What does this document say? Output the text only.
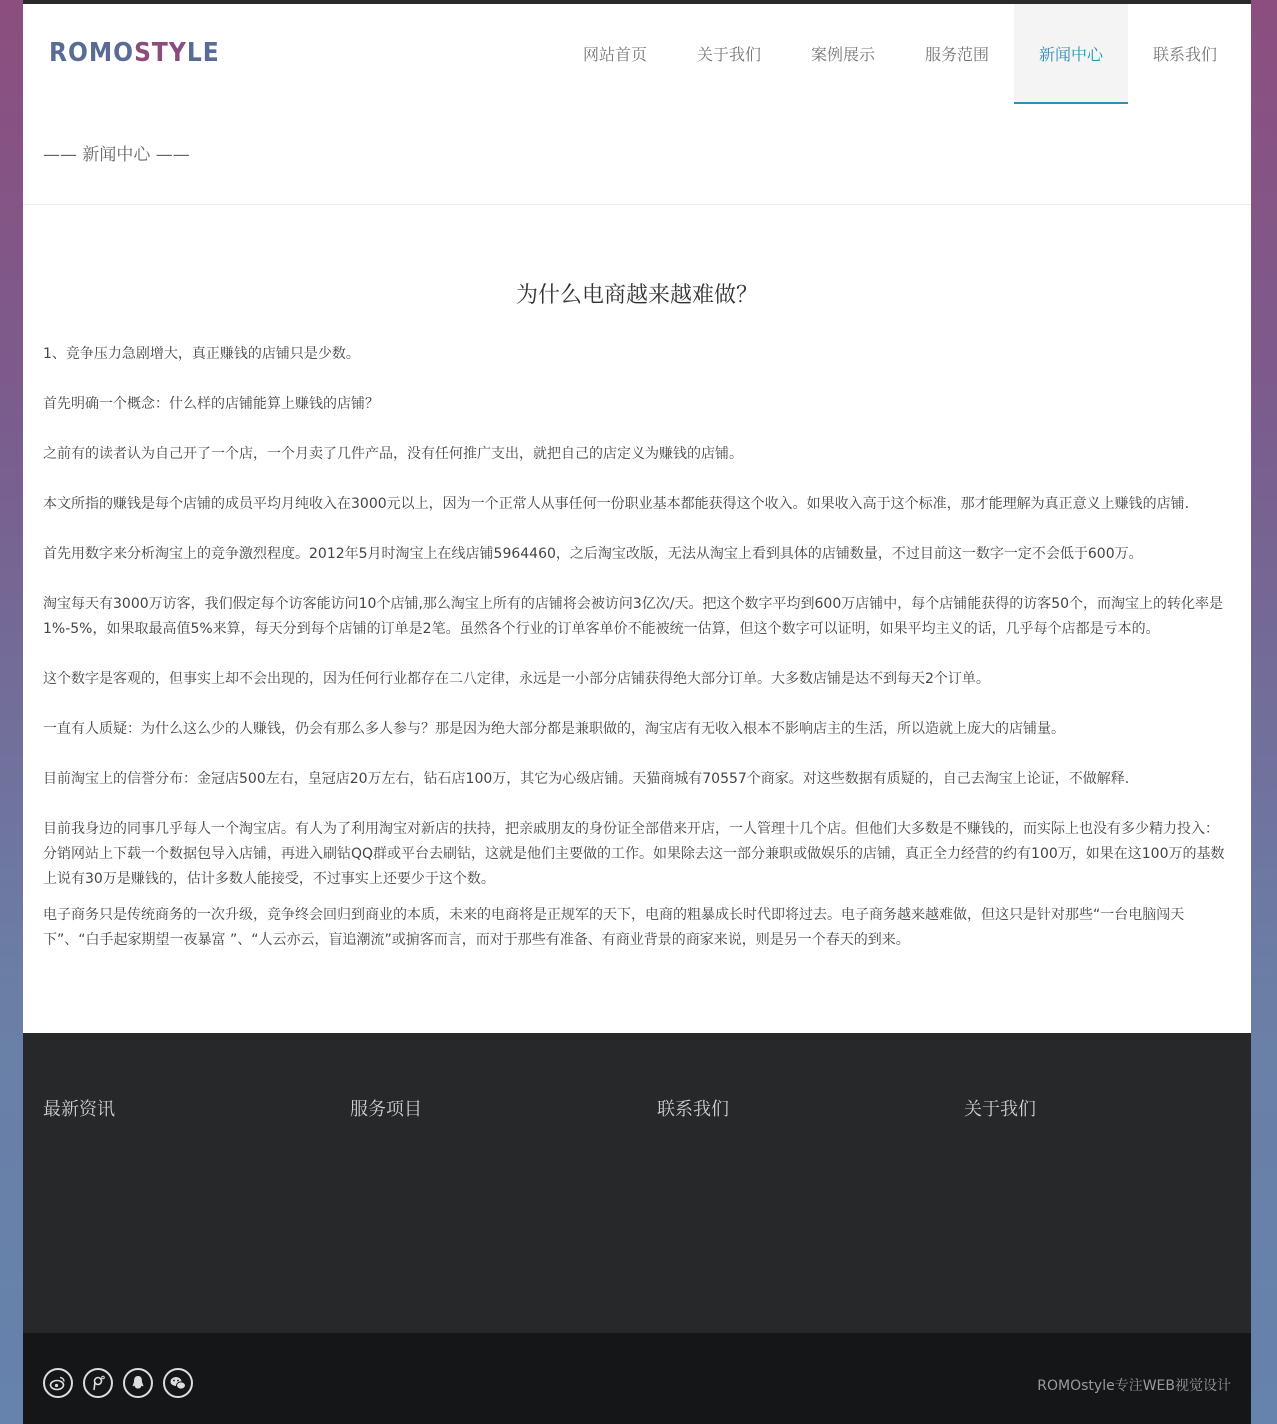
ROMOSTYLE	网站首页	关于我们	案例展示	服务范围	新闻中心	联系我们
—— 新闻中心 ——
为什么电商越来越难做？

1、竞争压力急剧增大，真正赚钱的店铺只是少数。

首先明确一个概念：什么样的店铺能算上赚钱的店铺？

之前有的读者认为自己开了一个店，一个月卖了几件产品，没有任何推广支出，就把自己的店定义为赚钱的店铺。

本文所指的赚钱是每个店铺的成员平均月纯收入在3000元以上，因为一个正常人从事任何一份职业基本都能获得这个收入。如果收入高于这个标准，那才能理解为真正意义上赚钱的店铺.

首先用数字来分析淘宝上的竞争激烈程度。2012年5月时淘宝上在线店铺5964460，之后淘宝改版，无法从淘宝上看到具体的店铺数量，不过目前这一数字一定不会低于600万。

淘宝每天有3000万访客，我们假定每个访客能访问10个店铺,那么淘宝上所有的店铺将会被访问3亿次/天。把这个数字平均到600万店铺中，每个店铺能获得的访客50个，而淘宝上的转化率是1%-5%，如果取最高值5%来算，每天分到每个店铺的订单是2笔。虽然各个行业的订单客单价不能被统一估算，但这个数字可以证明，如果平均主义的话，几乎每个店都是亏本的。

这个数字是客观的，但事实上却不会出现的，因为任何行业都存在二八定律，永远是一小部分店铺获得绝大部分订单。大多数店铺是达不到每天2个订单。

一直有人质疑：为什么这么少的人赚钱，仍会有那么多人参与？那是因为绝大部分都是兼职做的，淘宝店有无收入根本不影响店主的生活，所以造就上庞大的店铺量。

目前淘宝上的信誉分布：金冠店500左右，皇冠店20万左右，钻石店100万，其它为心级店铺。天猫商城有70557个商家。对这些数据有质疑的，自己去淘宝上论证，不做解释.

目前我身边的同事几乎每人一个淘宝店。有人为了利用淘宝对新店的扶持，把亲戚朋友的身份证全部借来开店，一人管理十几个店。但他们大多数是不赚钱的，而实际上也没有多少精力投入：分销网站上下载一个数据包导入店铺，再进入刷钻QQ群或平台去刷钻，这就是他们主要做的工作。如果除去这一部分兼职或做娱乐的店铺，真正全力经营的约有100万，如果在这100万的基数上说有30万是赚钱的，估计多数人能接受，不过事实上还要少于这个数。

电子商务只是传统商务的一次升级，竞争终会回归到商业的本质，未来的电商将是正规军的天下，电商的粗暴成长时代即将过去。电子商务越来越难做，但这只是针对那些“一台电脑闯天下”、“白手起家期望一夜暴富 ”、“人云亦云，盲追潮流”或掮客而言，而对于那些有准备、有商业背景的商家来说，则是另一个春天的到来。

最新资讯	服务项目	联系我们	关于我们
ROMOstyle专注WEB视觉设计
